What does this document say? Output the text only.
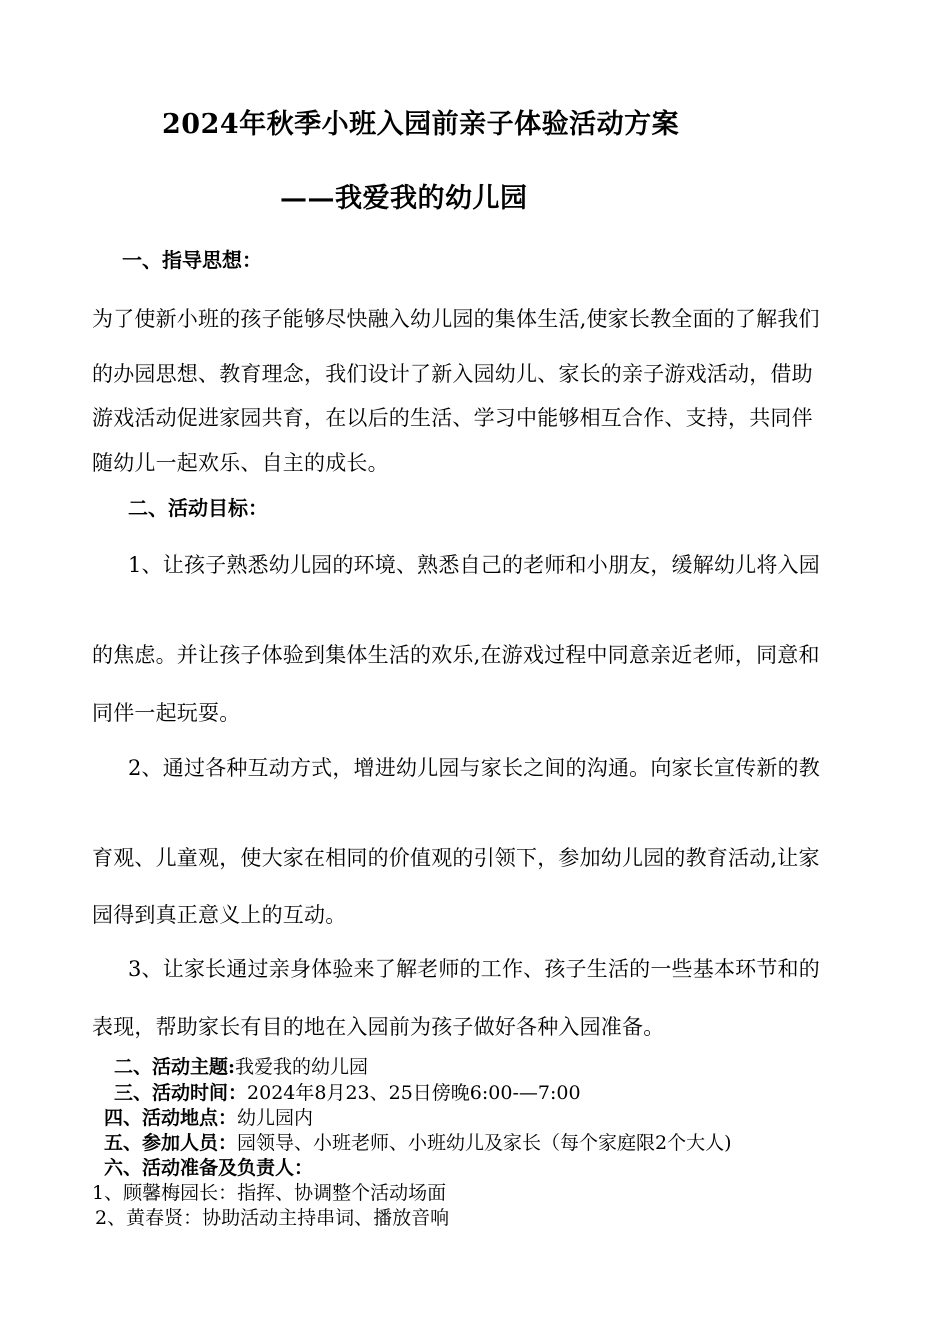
2024年秋季小班入园前亲子体验活动方案
——我爱我的幼儿园
一、指导思想：
为了使新小班的孩子能够尽快融入幼儿园的集体生活,使家长教全面的了解我们
的办园思想、教育理念，我们设计了新入园幼儿、家长的亲子游戏活动，借助
游戏活动促进家园共育，在以后的生活、学习中能够相互合作、支持，共同伴
随幼儿一起欢乐、自主的成长。
二、活动目标：
1、让孩子熟悉幼儿园的环境、熟悉自己的老师和小朋友，缓解幼儿将入园
的焦虑。并让孩子体验到集体生活的欢乐,在游戏过程中同意亲近老师，同意和
同伴一起玩耍。
2、通过各种互动方式，增进幼儿园与家长之间的沟通。向家长宣传新的教
育观、儿童观，使大家在相同的价值观的引领下，参加幼儿园的教育活动,让家
园得到真正意义上的互动。
3、让家长通过亲身体验来了解老师的工作、孩子生活的一些基本环节和的
表现，帮助家长有目的地在入园前为孩子做好各种入园准备。
二、活动主题:我爱我的幼儿园
三、活动时间：2024年8月23、25日傍晚6:00-—7:00
四、活动地点：幼儿园内
五、参加人员：园领导、小班老师、小班幼儿及家长（每个家庭限2个大人)
六、活动准备及负责人：
1、顾馨梅园长：指挥、协调整个活动场面
2、黄春贤：协助活动主持串词、播放音响
